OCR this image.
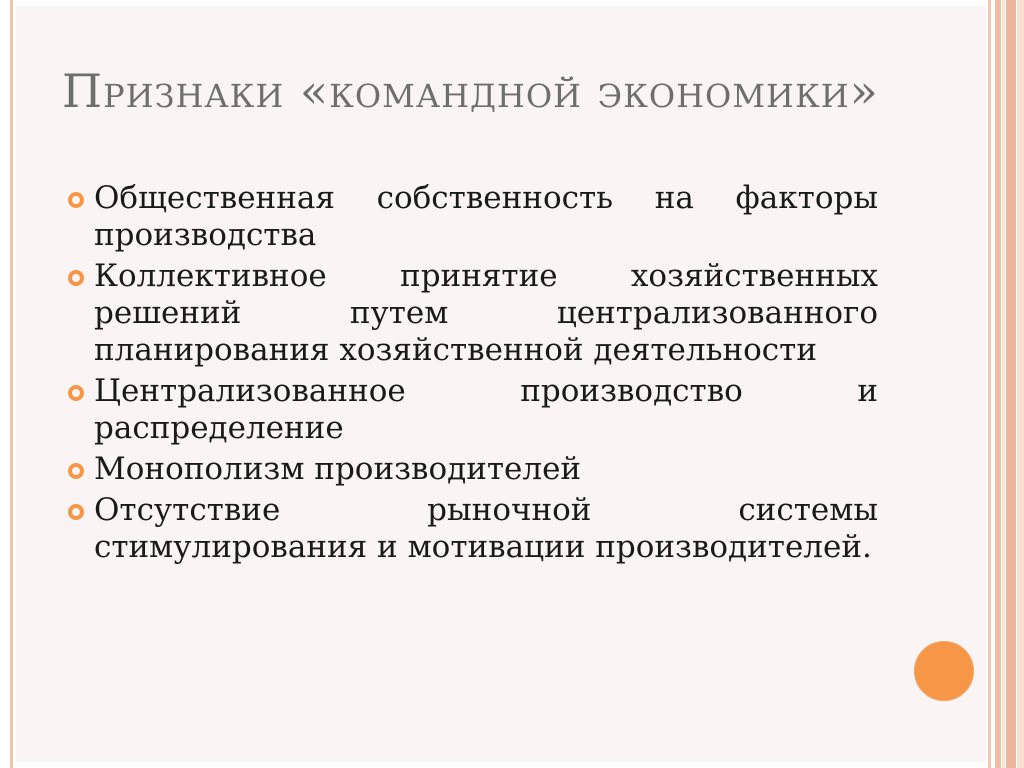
Признаки «командной экономики»
Общественная собственность на факторы производства
Коллективное принятие хозяйственных решений путем централизованного планирования хозяйственной деятельности
Централизованное производство и распределение
Монополизм производителей
Отсутствие рыночной системы стимулирования и мотивации производителей.
